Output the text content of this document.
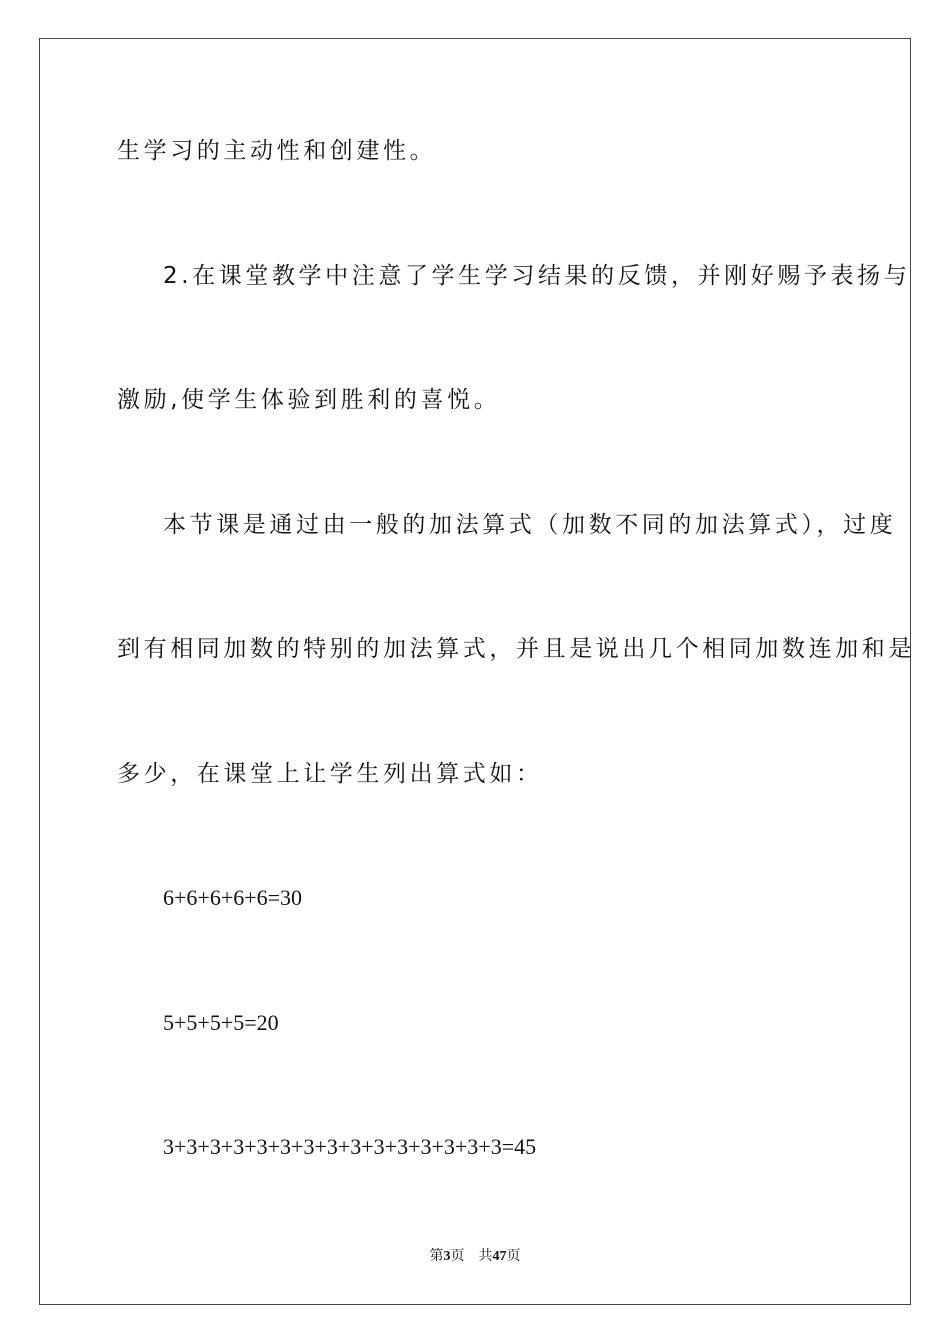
生学习的主动性和创建性。
2.在课堂教学中注意了学生学习结果的反馈，并刚好赐予表扬与
激励,使学生体验到胜利的喜悦。
本节课是通过由一般的加法算式（加数不同的加法算式），过度
到有相同加数的特别的加法算式，并且是说出几个相同加数连加和是
多少，在课堂上让学生列出算式如：
6+6+6+6+6=30
5+5+5+5=20
3+3+3+3+3+3+3+3+3+3+3+3+3+3+3=45
第3页 共47页
